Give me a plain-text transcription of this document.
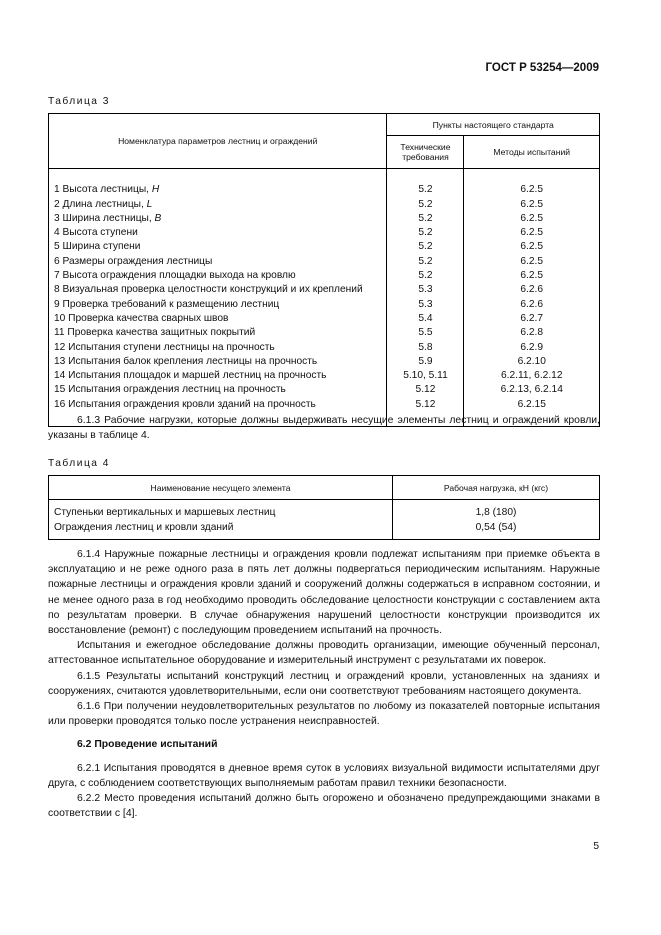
ГОСТ Р 53254—2009
Таблица 3
Номенклатура параметров лестниц и ограждений	Пункты настоящего стандарта	
	Технические требования	Методы испытаний

1 Высота лестницы, H	5.2	6.2.5
2 Длина лестницы, L	5.2	6.2.5
3 Ширина лестницы, B	5.2	6.2.5
4 Высота ступени	5.2	6.2.5
5 Ширина ступени	5.2	6.2.5
6 Размеры ограждения лестницы	5.2	6.2.5
7 Высота ограждения площадки выхода на кровлю	5.2	6.2.5
8 Визуальная проверка целостности конструкций и их креплений	5.3	6.2.6
9 Проверка требований к размещению лестниц	5.3	6.2.6
10 Проверка качества сварных швов	5.4	6.2.7
11 Проверка качества защитных покрытий	5.5	6.2.8
12 Испытания ступени лестницы на прочность	5.8	6.2.9
13 Испытания балок крепления лестницы на прочность	5.9	6.2.10
14 Испытания площадок и маршей лестниц на прочность	5.10, 5.11	6.2.11, 6.2.12
15 Испытания ограждения лестниц на прочность	5.12	6.2.13, 6.2.14
16 Испытания ограждения кровли зданий на прочность	5.12	6.2.15

6.1.3 Рабочие нагрузки, которые должны выдерживать несущие элементы лестниц и ограждений кровли, указаны в таблице 4.

Таблица 4
Наименование несущего элемента	Рабочая нагрузка, кН (кгс)

Ступеньки вертикальных и маршевых лестниц	1,8 (180)
Ограждения лестниц и кровли зданий	0,54 (54)

6.1.4 Наружные пожарные лестницы и ограждения кровли подлежат испытаниям при приемке объекта в эксплуатацию и не реже одного раза в пять лет должны подвергаться периодическим испытаниям. Наружные пожарные лестницы и ограждения кровли зданий и сооружений должны содержаться в исправном состоянии, и не менее одного раза в год необходимо проводить обследование целостности конструкции с составлением акта по результатам проверки. В случае обнаружения нарушений целостности конструкции производится их восстановление (ремонт) с последующим проведением испытаний на прочность.

Испытания и ежегодное обследование должны проводить организации, имеющие обученный персонал, аттестованное испытательное оборудование и измерительный инструмент с результатами их поверок.

6.1.5 Результаты испытаний конструкций лестниц и ограждений кровли, установленных на зданиях и сооружениях, считаются удовлетворительными, если они соответствуют требованиям настоящего документа.

6.1.6 При получении неудовлетворительных результатов по любому из показателей повторные испытания или проверки проводятся только после устранения неисправностей.

6.2 Проведение испытаний

6.2.1 Испытания проводятся в дневное время суток в условиях визуальной видимости испытателями друг друга, с соблюдением соответствующих выполняемым работам правил техники безопасности.

6.2.2 Место проведения испытаний должно быть огорожено и обозначено предупреждающими знаками в соответствии с [4].

5
